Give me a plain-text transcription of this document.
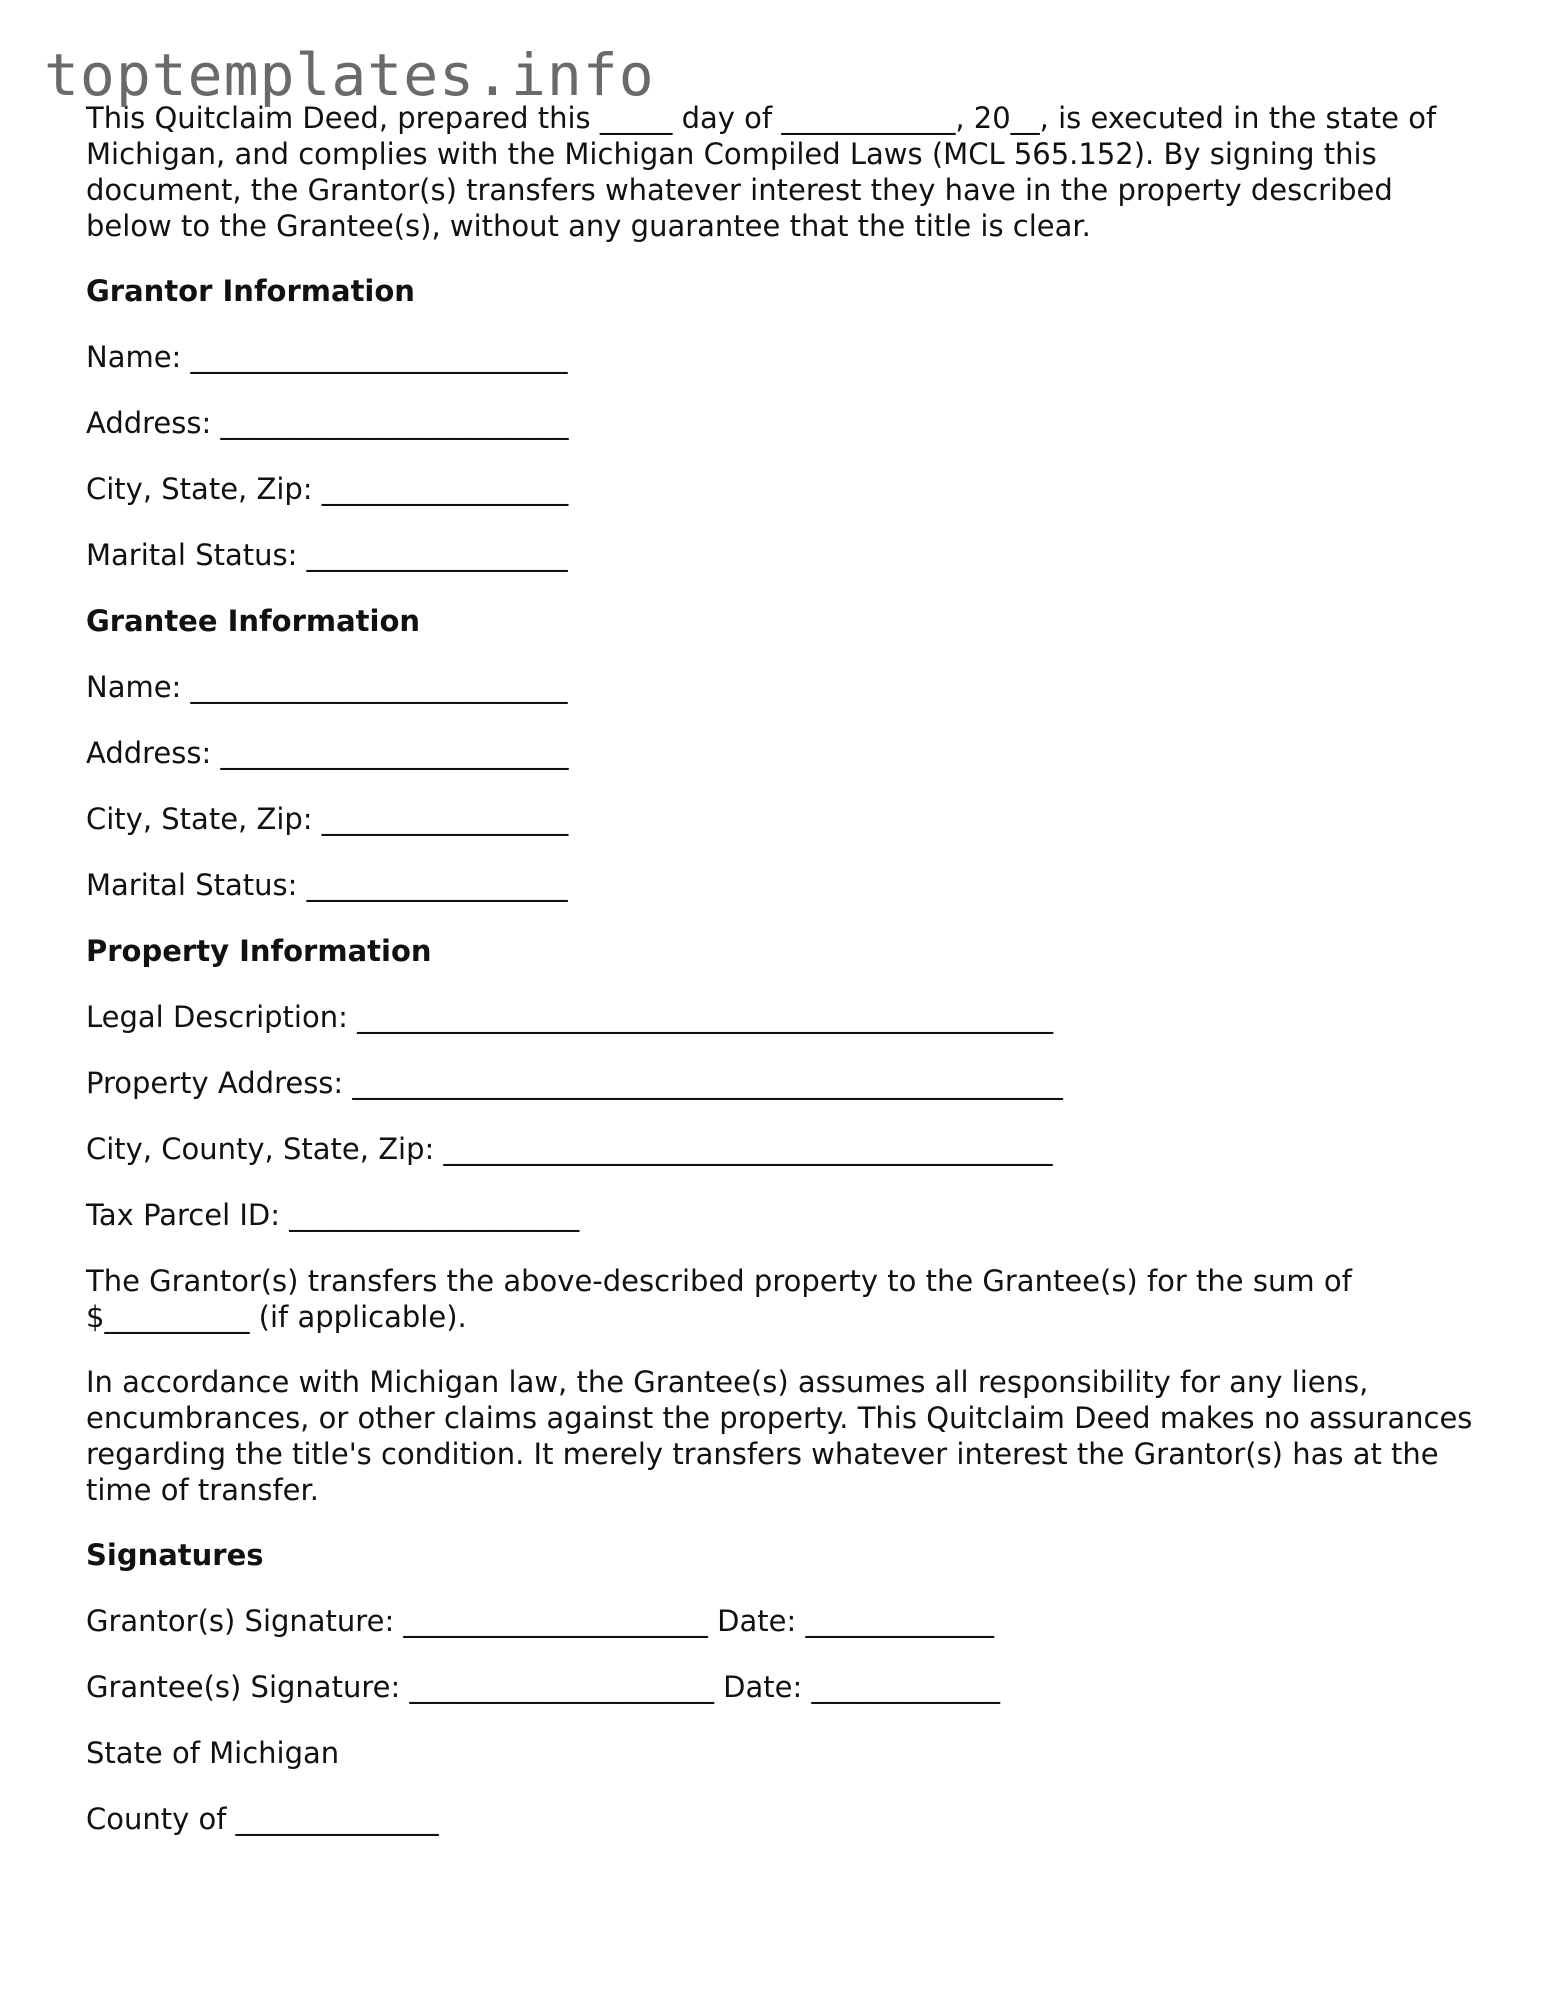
toptemplates.info

This Quitclaim Deed, prepared this _____ day of ____________, 20__, is executed in the state of Michigan, and complies with the Michigan Compiled Laws (MCL 565.152). By signing this document, the Grantor(s) transfers whatever interest they have in the property described below to the Grantee(s), without any guarantee that the title is clear.

Grantor Information
Name: __________________________
Address: ________________________
City, State, Zip: _________________
Marital Status: __________________
Grantee Information
Name: __________________________
Address: ________________________
City, State, Zip: _________________
Marital Status: __________________
Property Information
Legal Description: ________________________________________________
Property Address: _________________________________________________
City, County, State, Zip: __________________________________________
Tax Parcel ID: ____________________

The Grantor(s) transfers the above-described property to the Grantee(s) for the sum of $__________ (if applicable).

In accordance with Michigan law, the Grantee(s) assumes all responsibility for any liens, encumbrances, or other claims against the property. This Quitclaim Deed makes no assurances regarding the title's condition. It merely transfers whatever interest the Grantor(s) has at the time of transfer.

Signatures
Grantor(s) Signature: _____________________ Date: _____________
Grantee(s) Signature: _____________________ Date: _____________
State of Michigan
County of ______________
